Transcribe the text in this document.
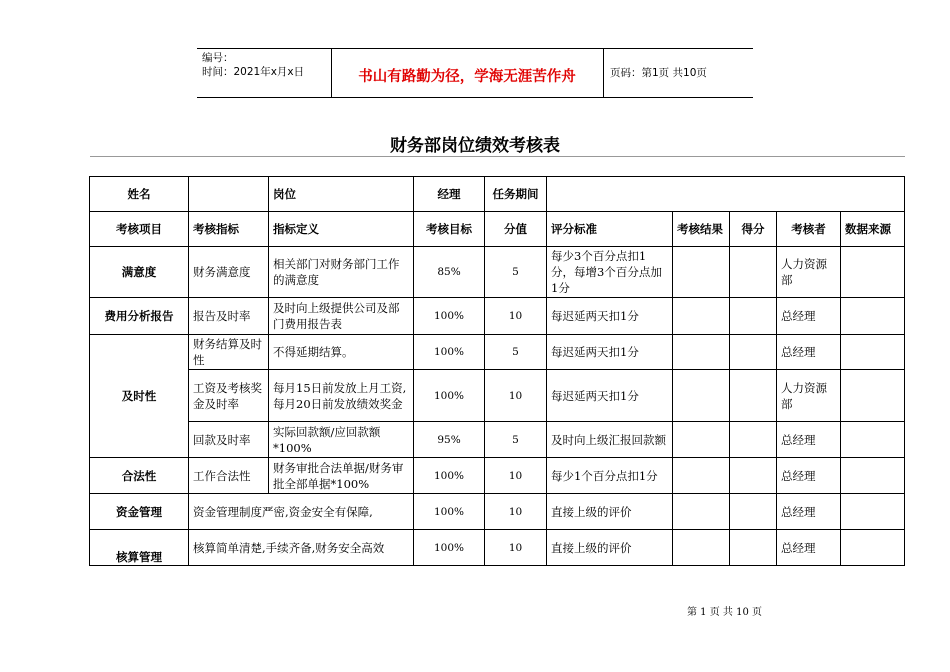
编号：
时间：2021年x月x日	书山有路勤为径，学海无涯苦作舟	页码：第1页 共10页
财务部岗位绩效考核表
姓名		岗位	经理	任务期间					
考核项目	考核指标	指标定义	考核目标	分值	评分标准	考核结果	得分	考核者	数据来源
满意度	财务满意度	相关部门对财务部门工作的满意度	85%	5	每少3个百分点扣1分，每增3个百分点加1分			人力资源部	
费用分析报告	报告及时率	及时向上级提供公司及部门费用报告表	100%	10	每迟延两天扣1分			总经理	
及时性	财务结算及时性	不得延期结算。	100%	5	每迟延两天扣1分			总经理	
	工资及考核奖金及时率	每月15日前发放上月工资,每月20日前发放绩效奖金	100%	10	每迟延两天扣1分			人力资源部	
	回款及时率	实际回款额/应回款额*100%	95%	5	及时向上级汇报回款额			总经理	
合法性	工作合法性	财务审批合法单据/财务审批全部单据*100%	100%	10	每少1个百分点扣1分			总经理	
资金管理	资金管理制度严密,资金安全有保障,		100%	10	直接上级的评价			总经理	
核算管理	核算简单清楚,手续齐备,财务安全高效		100%	10	直接上级的评价			总经理	
第 1 页 共 10 页
